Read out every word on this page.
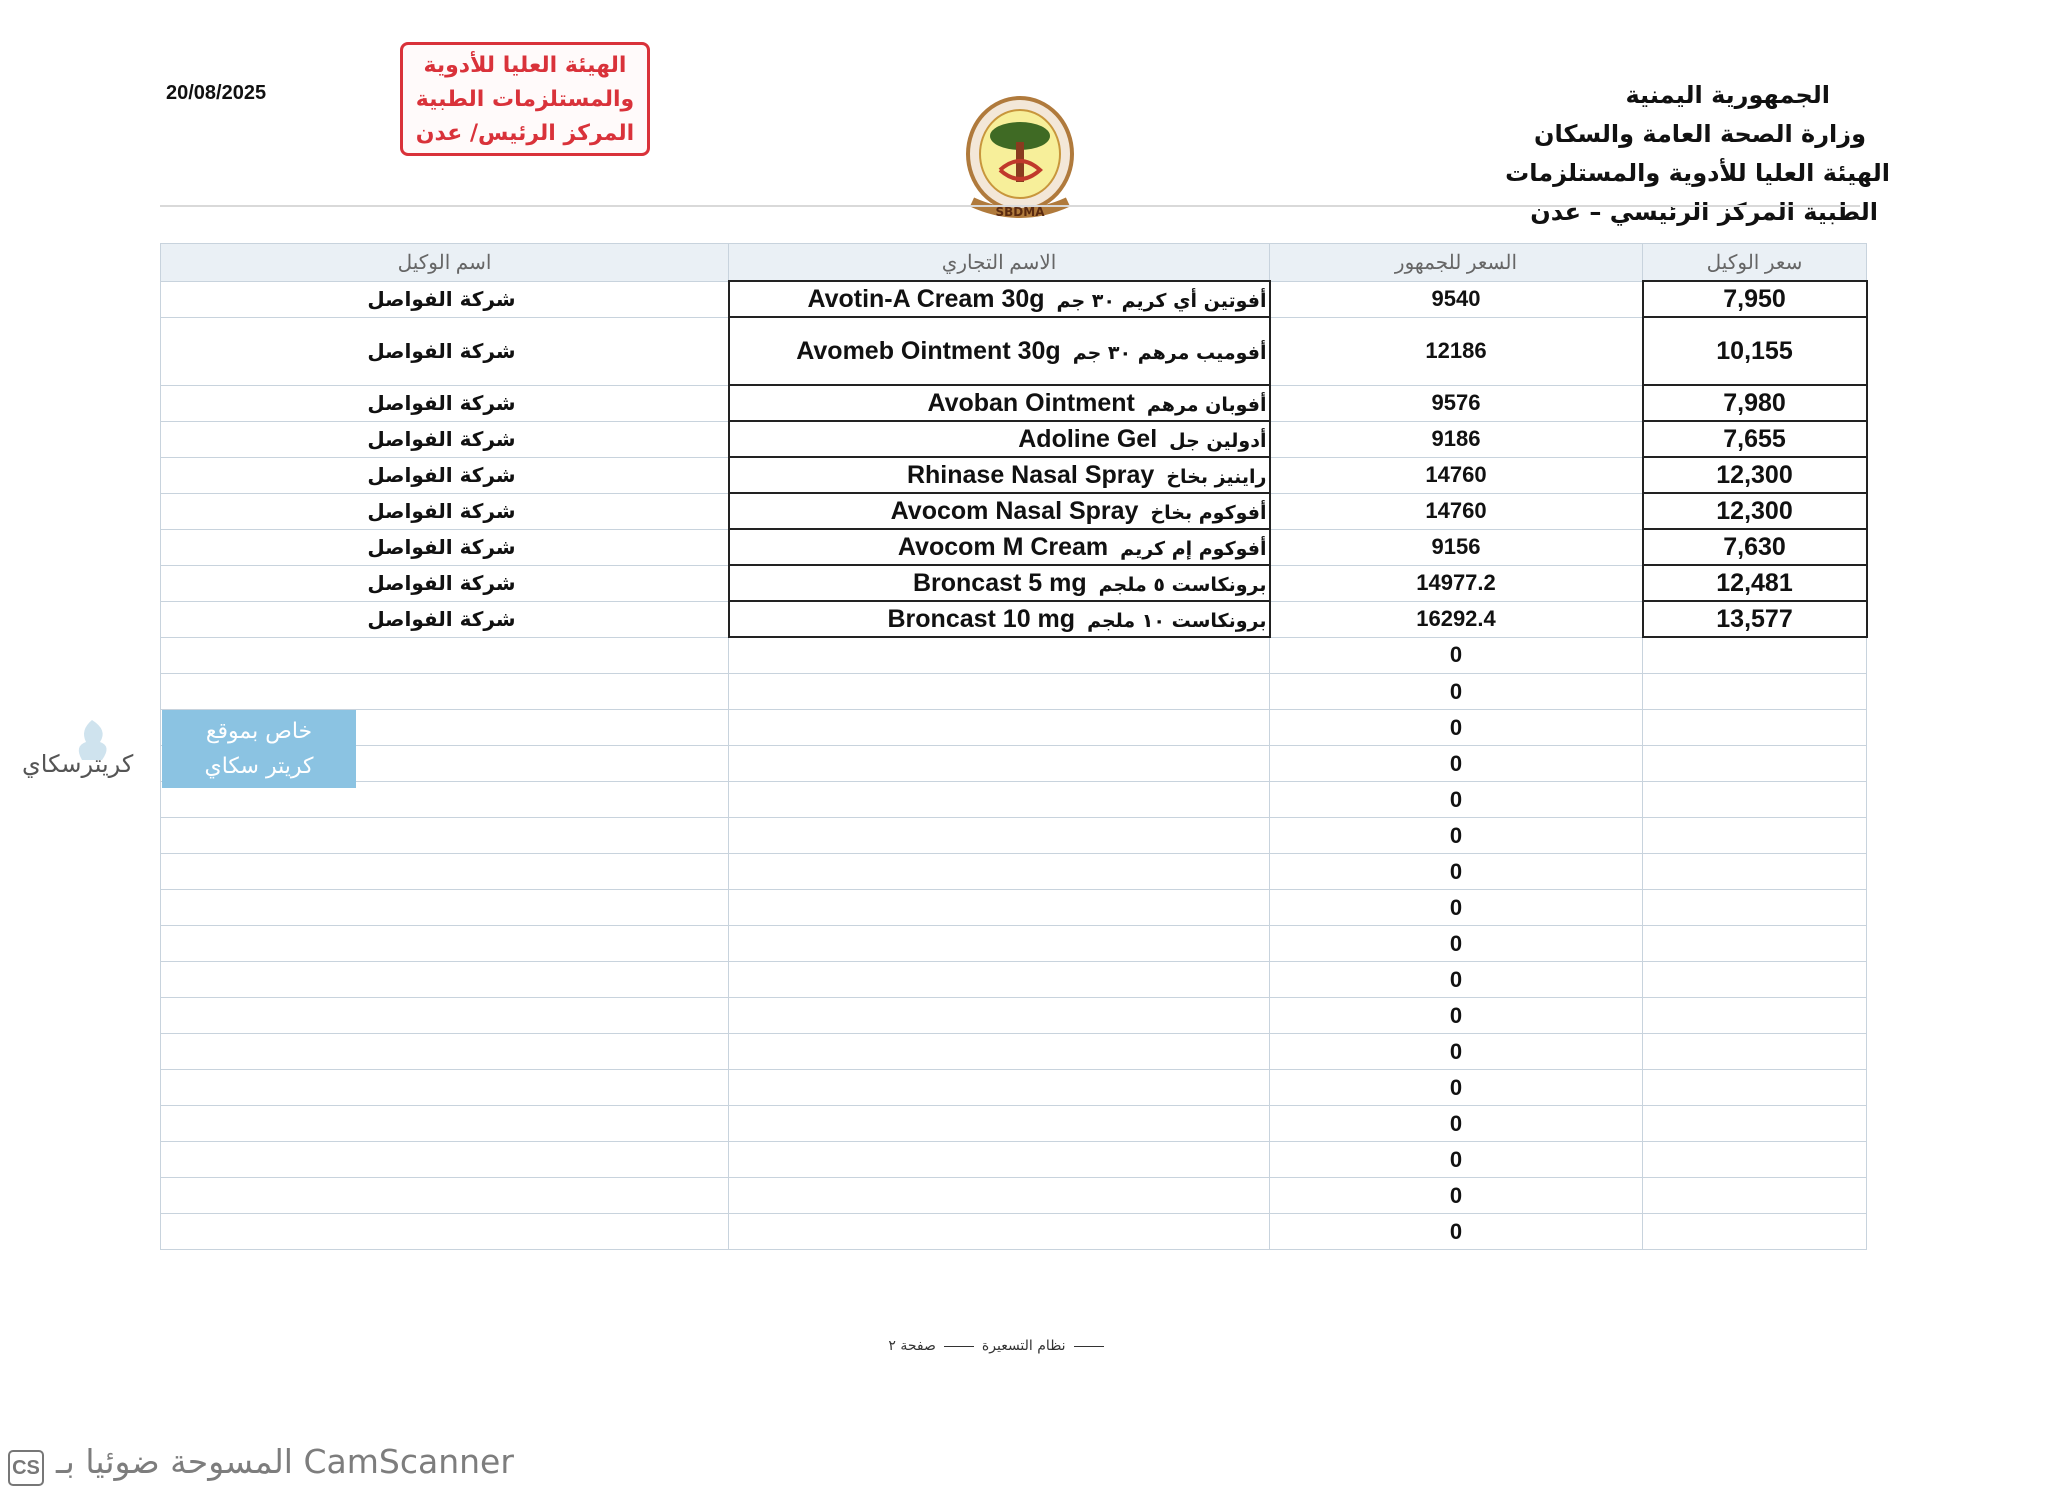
20/08/2025
الهيئة العليا للأدوية
والمستلزمات الطبية
المركز الرئيس/ عدن
SBDMA
الجمهورية اليمنية
وزارة الصحة العامة والسكان
الهيئة العليا للأدوية والمستلزمات
الطبية المركز الرئيسي – عدن
اسم الوكيل	الاسم التجاري	السعر للجمهور	سعر الوكيل
شركة الفواصل	Avotin-A Cream 30g أفوتين أي كريم ٣٠ جم	9540	7,950
شركة الفواصل	Avomeb Ointment 30g أفوميب مرهم ٣٠ جم	12186	10,155
شركة الفواصل	Avoban Ointment أفوبان مرهم	9576	7,980
شركة الفواصل	Adoline Gel أدولين جل	9186	7,655
شركة الفواصل	Rhinase Nasal Spray راينيز بخاخ	14760	12,300
شركة الفواصل	Avocom Nasal Spray أفوكوم بخاخ	14760	12,300
شركة الفواصل	Avocom M Cream أفوكوم إم كريم	9156	7,630
شركة الفواصل	Broncast 5 mg برونكاست ٥ ملجم	14977.2	12,481
شركة الفواصل	Broncast 10 mg برونكاست ١٠ ملجم	16292.4	13,577
		0	
		0	
		0	
		0	
		0	
		0	
		0	
		0	
		0	
		0	
		0	
		0	
		0	
		0	
		0	
		0	
		0	
خاص بموقع
كريتر سكاي
كريترسكاي
نظام التسعيرةصفحة ٢
CS المسوحة ضوئيا بـ CamScanner
